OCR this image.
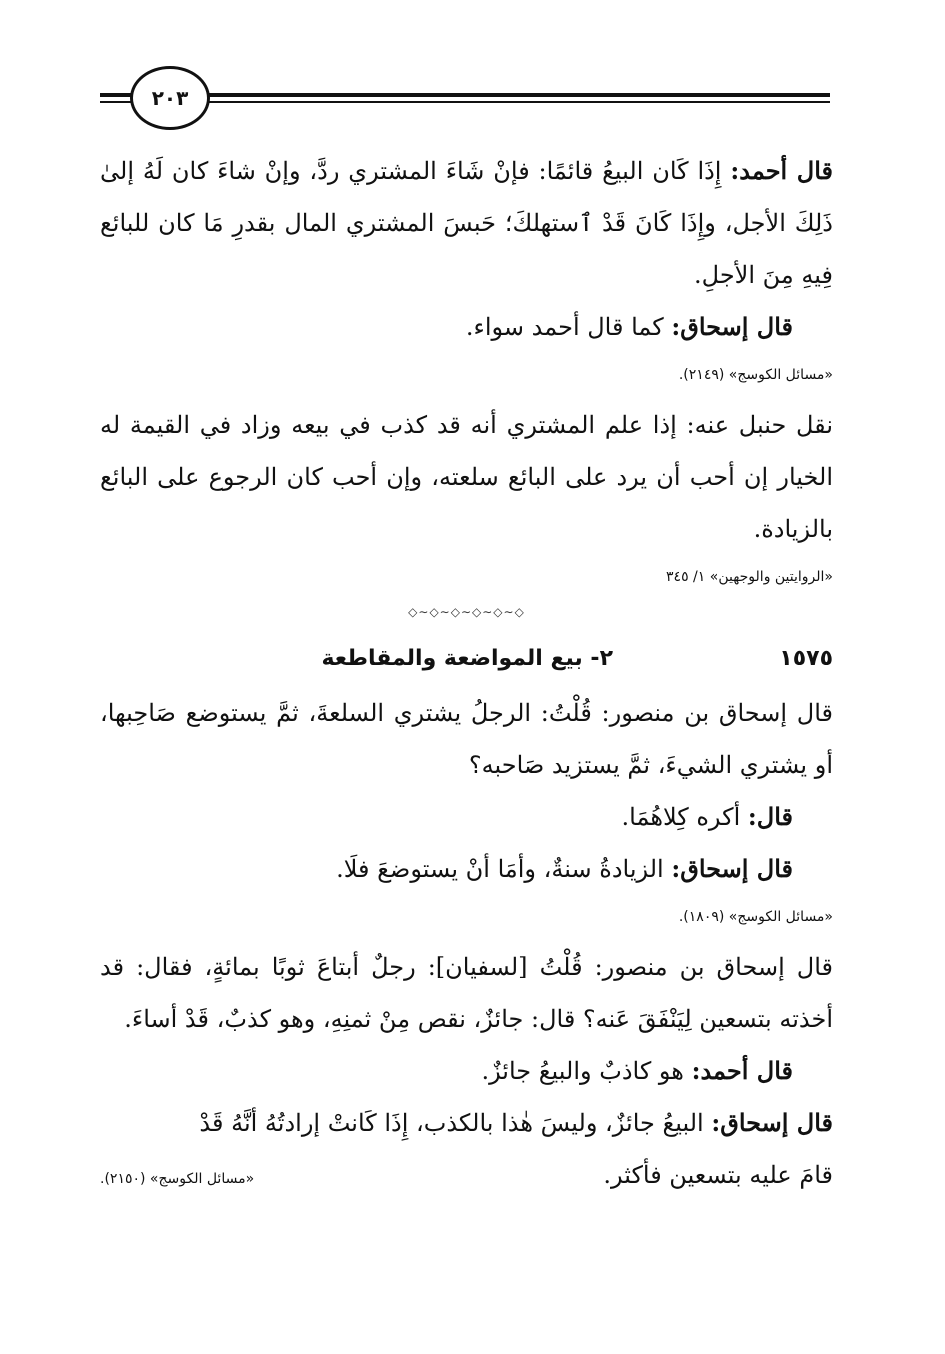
٢٠٣

قال أحمد: إِذَا كَان البيعُ قائمًا: فإنْ شَاءَ المشتري ردَّ، وإنْ شاءَ كان لَهُ إلىٰ ذَلِكَ الأجل، وإِذَا كَانَ قَدْ ٱستهلكَ؛ حَبسَ المشتري المال بقدرِ مَا كان للبائع فِيهِ مِنَ الأجلِ.

قال إسحاق: كما قال أحمد سواء.

«مسائل الكوسج» (٢١٤٩).

نقل حنبل عنه: إذا علم المشتري أنه قد كذب في بيعه وزاد في القيمة له الخيار إن أحب أن يرد على البائع سلعته، وإن أحب كان الرجوع على البائع بالزيادة.

«الروايتين والوجهين» ١/ ٣٤٥
◇∽◇∽◇∽◇∽◇∽◇
١٥٧٥
٢- بيع المواضعة والمقاطعة

قال إسحاق بن منصور: قُلْتُ: الرجلُ يشتري السلعةَ، ثمَّ يستوضع صَاحِبها، أو يشتري الشيءَ، ثمَّ يستزيد صَاحبه؟

قال: أكره كِلاهُمَا.

قال إسحاق: الزيادةُ سنةٌ، وأمَا أنْ يستوضعَ فلَا.

«مسائل الكوسج» (١٨٠٩).

قال إسحاق بن منصور: قُلْتُ [لسفيان]: رجلٌ أبتاعَ ثوبًا بمائةٍ، فقال: قد أخذته بتسعين لِيَنْفَقَ عَنه؟ قال: جائزٌ، نقص مِنْ ثمنِهِ، وهو كذبٌ، قَدْ أساءَ.

قال أحمد: هو كاذبٌ والبيعُ جائزٌ.

قال إسحاق: البيعُ جائزٌ، وليسَ هٰذا بالكذب، إِذَا كَانتْ إرادتُهُ أنَّهُ قَدْ

قامَ عليه بتسعين فأكثر.
«مسائل الكوسج» (٢١٥٠).
